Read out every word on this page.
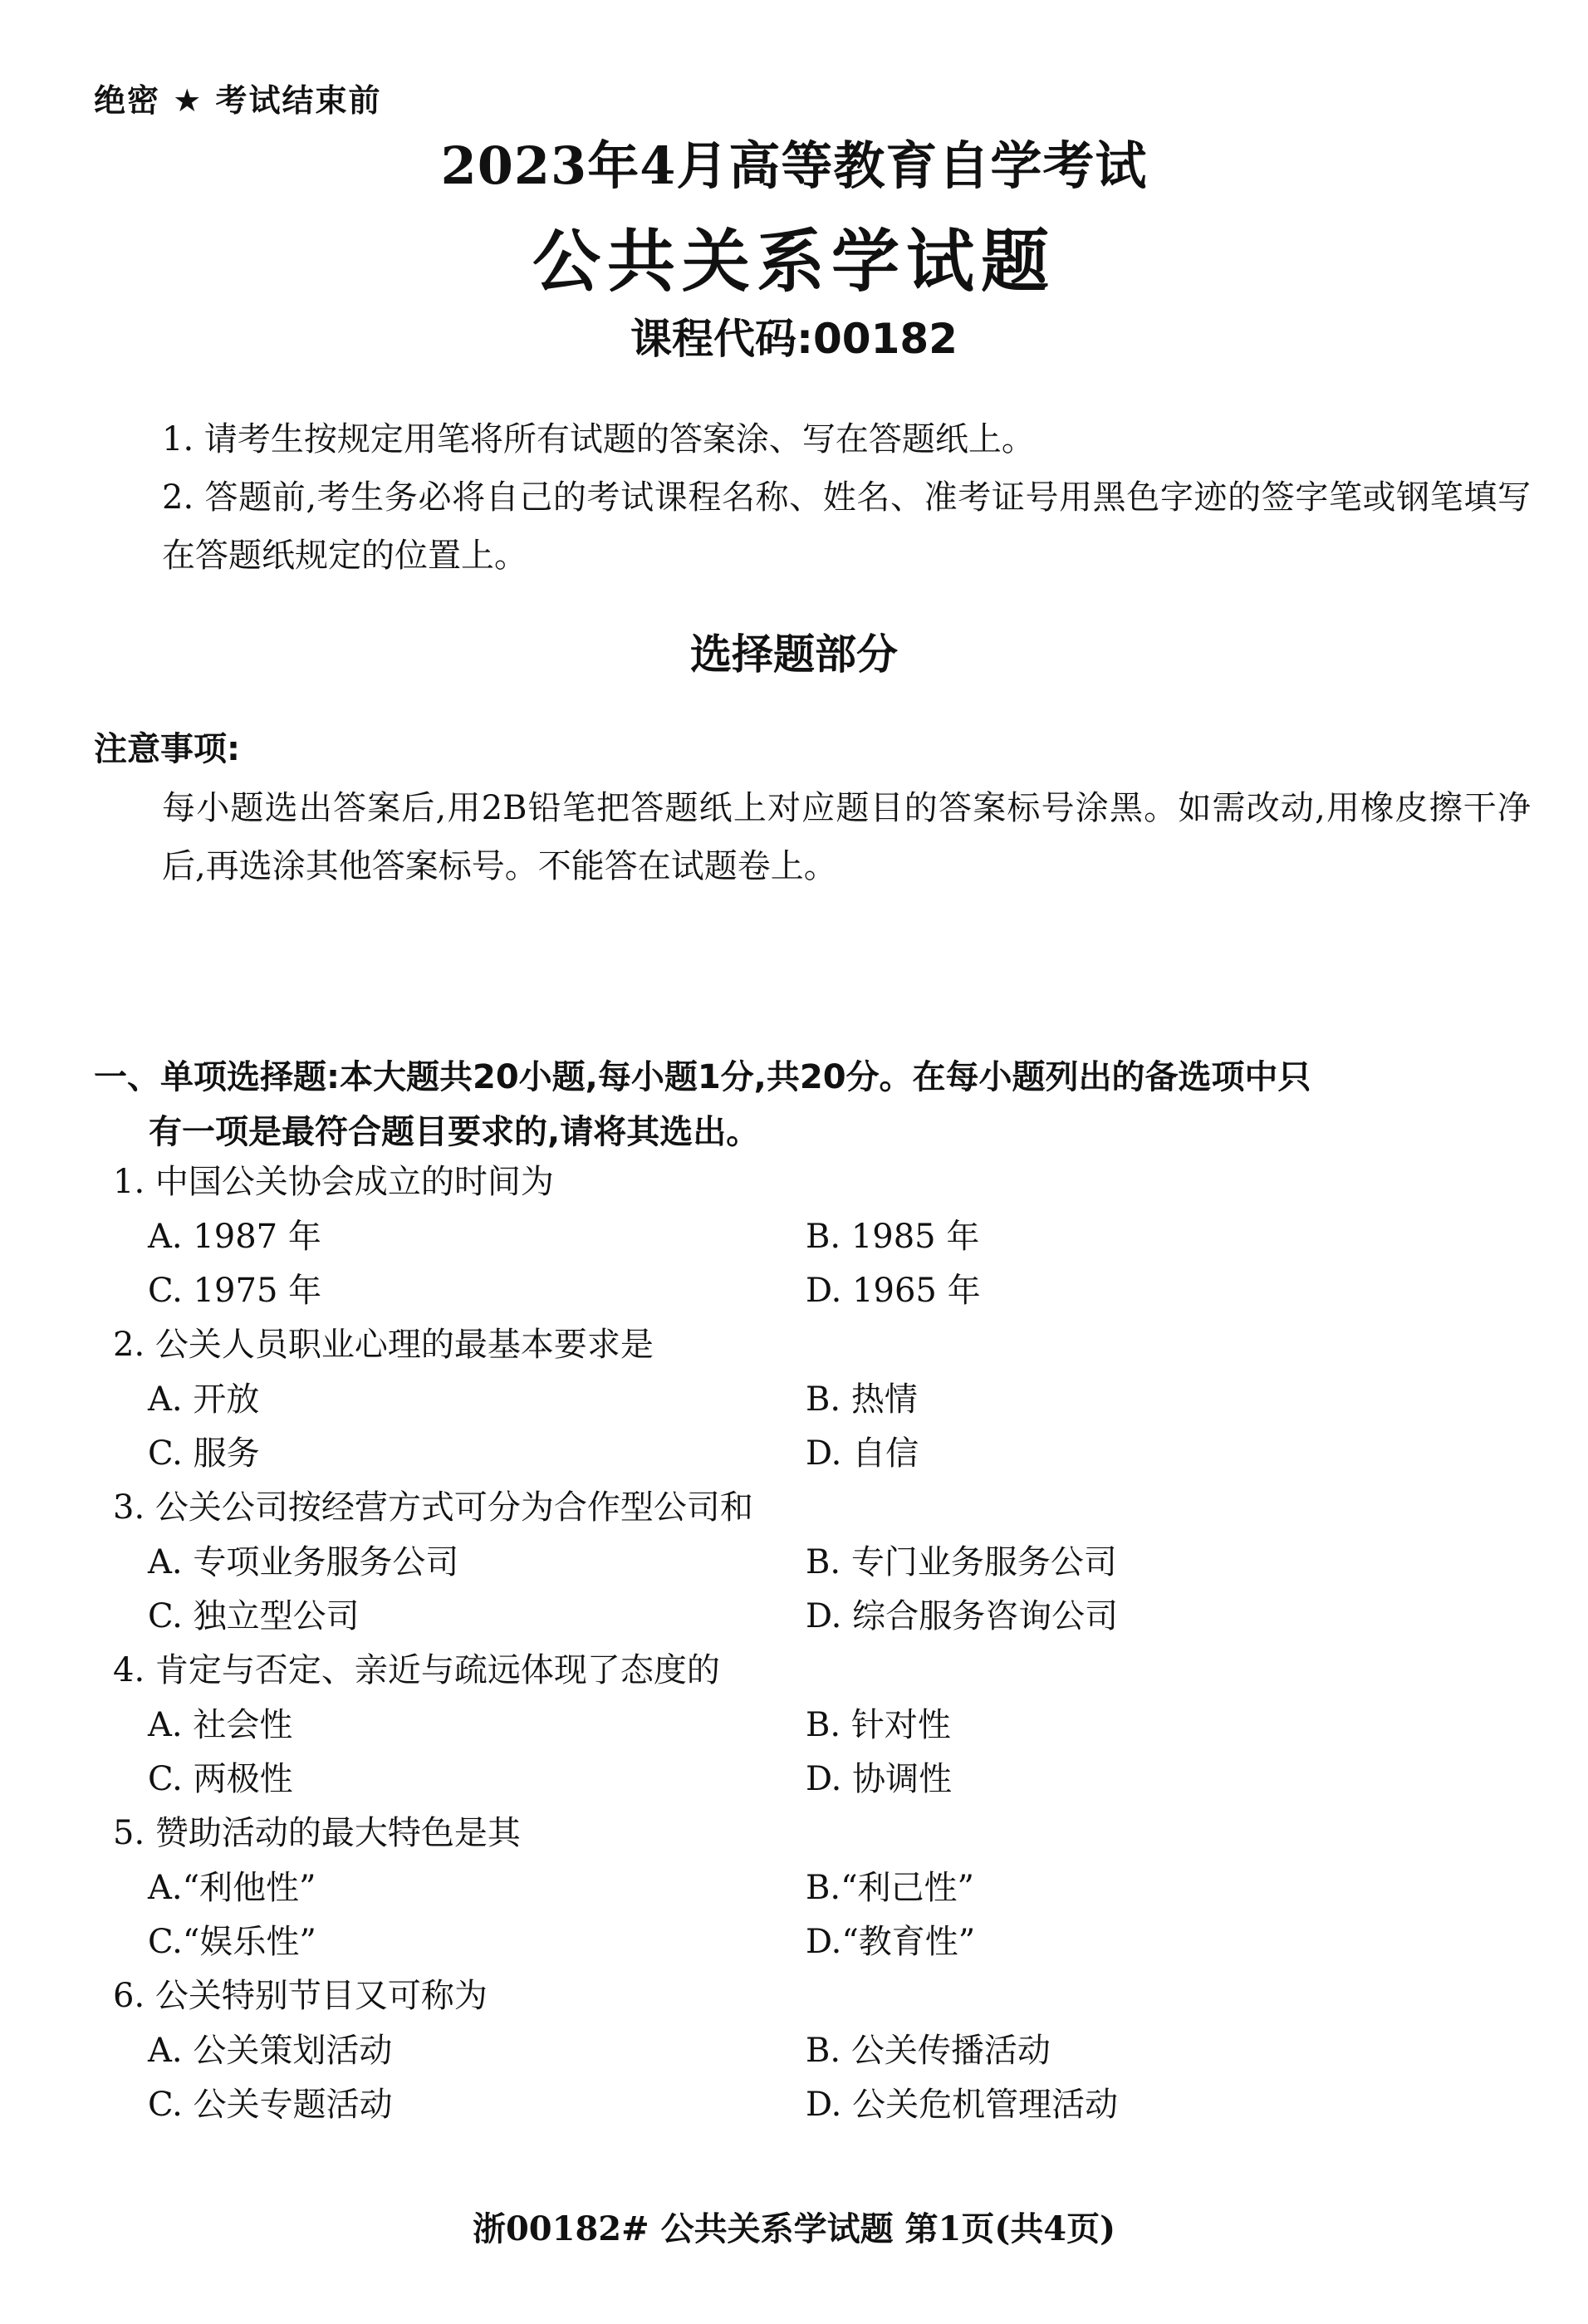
绝密 ★ 考试结束前
2023年4月高等教育自学考试
公共关系学试题
课程代码:00182
1. 请考生按规定用笔将所有试题的答案涂、写在答题纸上。
2. 答题前,考生务必将自己的考试课程名称、姓名、准考证号用黑色字迹的签字笔或钢笔填写在答题纸规定的位置上。
选择题部分
注意事项:
每小题选出答案后,用2B铅笔把答题纸上对应题目的答案标号涂黑。如需改动,用橡皮擦干净后,再选涂其他答案标号。不能答在试题卷上。
一、单项选择题:本大题共20小题,每小题1分,共20分。在每小题列出的备选项中只
有一项是最符合题目要求的,请将其选出。
1. 中国公关协会成立的时间为
A. 1987 年	B. 1985 年
C. 1975 年	D. 1965 年
2. 公关人员职业心理的最基本要求是
A. 开放	B. 热情
C. 服务	D. 自信
3. 公关公司按经营方式可分为合作型公司和
A. 专项业务服务公司	B. 专门业务服务公司
C. 独立型公司	D. 综合服务咨询公司
4. 肯定与否定、亲近与疏远体现了态度的
A. 社会性	B. 针对性
C. 两极性	D. 协调性
5. 赞助活动的最大特色是其
A.“利他性”	B.“利己性”
C.“娱乐性”	D.“教育性”
6. 公关特别节目又可称为
A. 公关策划活动	B. 公关传播活动
C. 公关专题活动	D. 公关危机管理活动
浙00182# 公共关系学试题 第1页(共4页)
